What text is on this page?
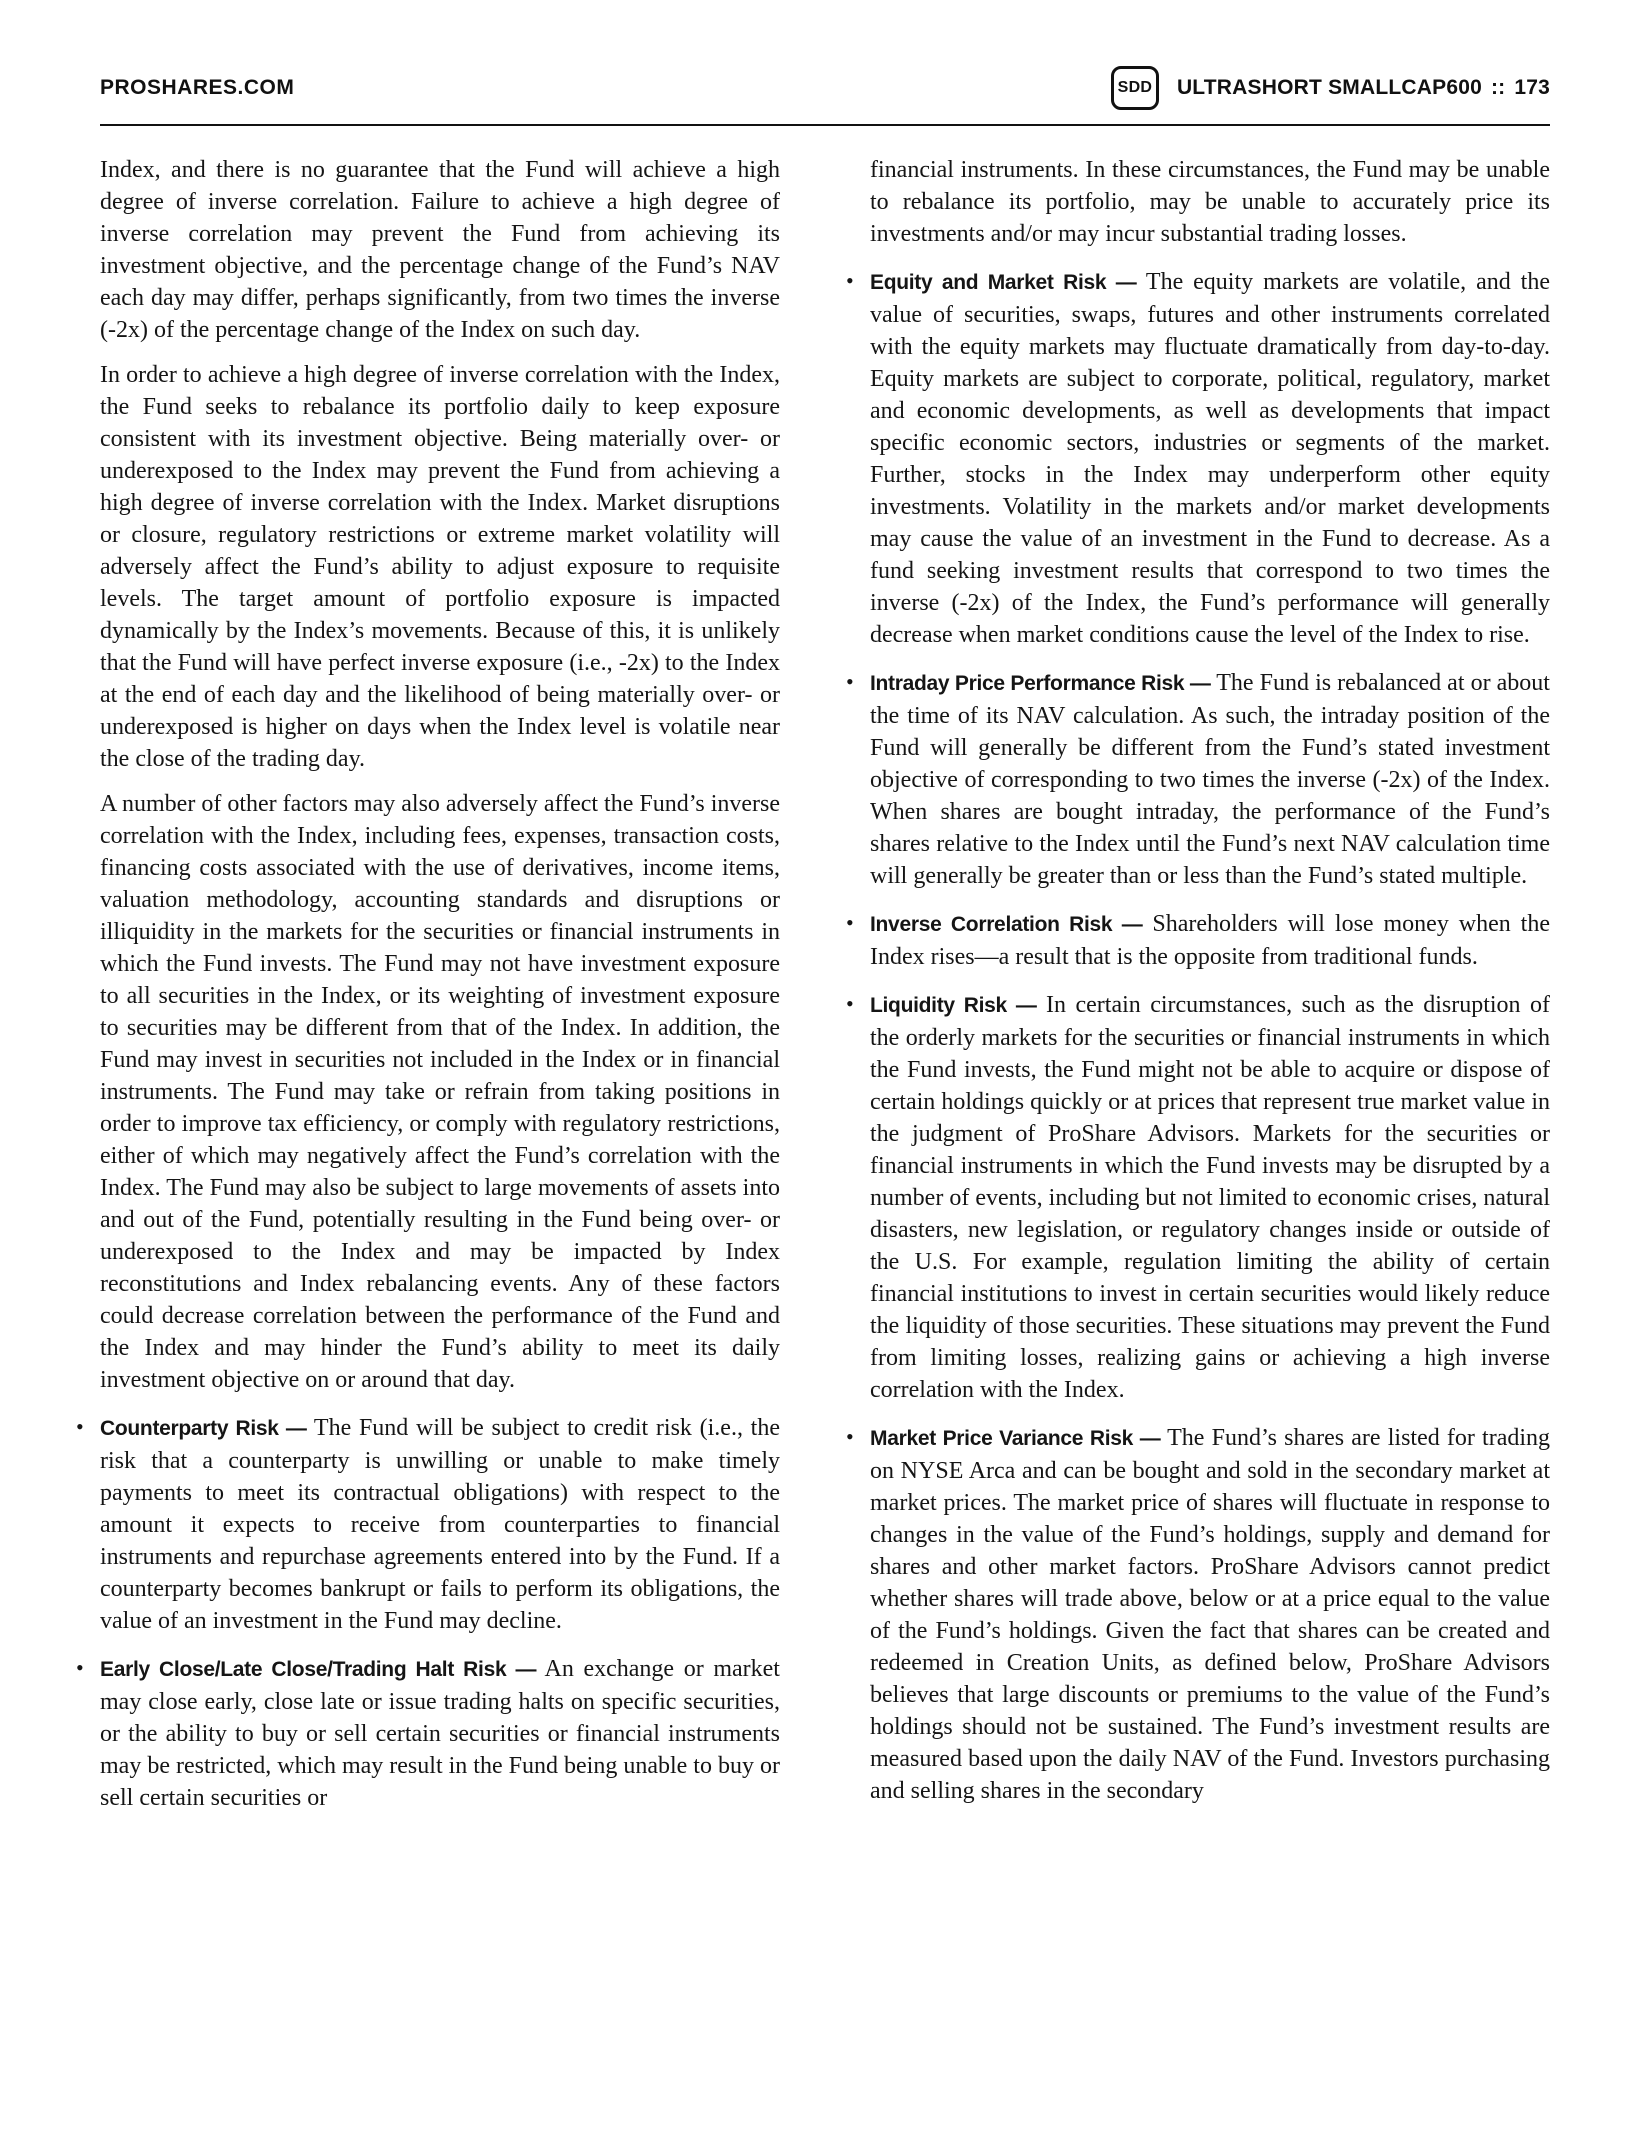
PROSHARES.COM	SDD	ULTRASHORT SMALLCAP600 :: 173

Index, and there is no guarantee that the Fund will achieve a high degree of inverse correlation. Failure to achieve a high degree of inverse correlation may prevent the Fund from achieving its investment objective, and the percentage change of the Fund’s NAV each day may differ, perhaps significantly, from two times the inverse (-2x) of the percentage change of the Index on such day.

In order to achieve a high degree of inverse correlation with the Index, the Fund seeks to rebalance its portfolio daily to keep exposure consistent with its investment objective. Being materially over- or underexposed to the Index may prevent the Fund from achieving a high degree of inverse correlation with the Index. Market disruptions or closure, regulatory restrictions or extreme market volatility will adversely affect the Fund’s ability to adjust exposure to requisite levels. The target amount of portfolio exposure is impacted dynamically by the Index’s movements. Because of this, it is unlikely that the Fund will have perfect inverse exposure (i.e., -2x) to the Index at the end of each day and the likelihood of being materially over- or underexposed is higher on days when the Index level is volatile near the close of the trading day.

A number of other factors may also adversely affect the Fund’s inverse correlation with the Index, including fees, expenses, transaction costs, financing costs associated with the use of derivatives, income items, valuation methodology, accounting standards and disruptions or illiquidity in the markets for the securities or financial instruments in which the Fund invests. The Fund may not have investment exposure to all securities in the Index, or its weighting of investment exposure to securities may be different from that of the Index. In addition, the Fund may invest in securities not included in the Index or in financial instruments. The Fund may take or refrain from taking positions in order to improve tax efficiency, or comply with regulatory restrictions, either of which may negatively affect the Fund’s correlation with the Index. The Fund may also be subject to large movements of assets into and out of the Fund, potentially resulting in the Fund being over- or underexposed to the Index and may be impacted by Index reconstitutions and Index rebalancing events. Any of these factors could decrease correlation between the performance of the Fund and the Index and may hinder the Fund’s ability to meet its daily investment objective on or around that day.

• Counterparty Risk — The Fund will be subject to credit risk (i.e., the risk that a counterparty is unwilling or unable to make timely payments to meet its contractual obligations) with respect to the amount it expects to receive from counterparties to financial instruments and repurchase agreements entered into by the Fund. If a counterparty becomes bankrupt or fails to perform its obligations, the value of an investment in the Fund may decline.
• Early Close/Late Close/Trading Halt Risk — An exchange or market may close early, close late or issue trading halts on specific securities, or the ability to buy or sell certain securities or financial instruments may be restricted, which may result in the Fund being unable to buy or sell certain securities or

financial instruments. In these circumstances, the Fund may be unable to rebalance its portfolio, may be unable to accurately price its investments and/or may incur substantial trading losses.

• Equity and Market Risk — The equity markets are volatile, and the value of securities, swaps, futures and other instruments correlated with the equity markets may fluctuate dramatically from day-to-day. Equity markets are subject to corporate, political, regulatory, market and economic developments, as well as developments that impact specific economic sectors, industries or segments of the market. Further, stocks in the Index may underperform other equity investments. Volatility in the markets and/or market developments may cause the value of an investment in the Fund to decrease. As a fund seeking investment results that correspond to two times the inverse (-2x) of the Index, the Fund’s performance will generally decrease when market conditions cause the level of the Index to rise.
• Intraday Price Performance Risk — The Fund is rebalanced at or about the time of its NAV calculation. As such, the intraday position of the Fund will generally be different from the Fund’s stated investment objective of corresponding to two times the inverse (-2x) of the Index. When shares are bought intraday, the performance of the Fund’s shares relative to the Index until the Fund’s next NAV calculation time will generally be greater than or less than the Fund’s stated multiple.
• Inverse Correlation Risk — Shareholders will lose money when the Index rises—a result that is the opposite from traditional funds.
• Liquidity Risk — In certain circumstances, such as the disruption of the orderly markets for the securities or financial instruments in which the Fund invests, the Fund might not be able to acquire or dispose of certain holdings quickly or at prices that represent true market value in the judgment of ProShare Advisors. Markets for the securities or financial instruments in which the Fund invests may be disrupted by a number of events, including but not limited to economic crises, natural disasters, new legislation, or regulatory changes inside or outside of the U.S. For example, regulation limiting the ability of certain financial institutions to invest in certain securities would likely reduce the liquidity of those securities. These situations may prevent the Fund from limiting losses, realizing gains or achieving a high inverse correlation with the Index.
• Market Price Variance Risk — The Fund’s shares are listed for trading on NYSE Arca and can be bought and sold in the secondary market at market prices. The market price of shares will fluctuate in response to changes in the value of the Fund’s holdings, supply and demand for shares and other market factors. ProShare Advisors cannot predict whether shares will trade above, below or at a price equal to the value of the Fund’s holdings. Given the fact that shares can be created and redeemed in Creation Units, as defined below, ProShare Advisors believes that large discounts or premiums to the value of the Fund’s holdings should not be sustained. The Fund’s investment results are measured based upon the daily NAV of the Fund. Investors purchasing and selling shares in the secondary
